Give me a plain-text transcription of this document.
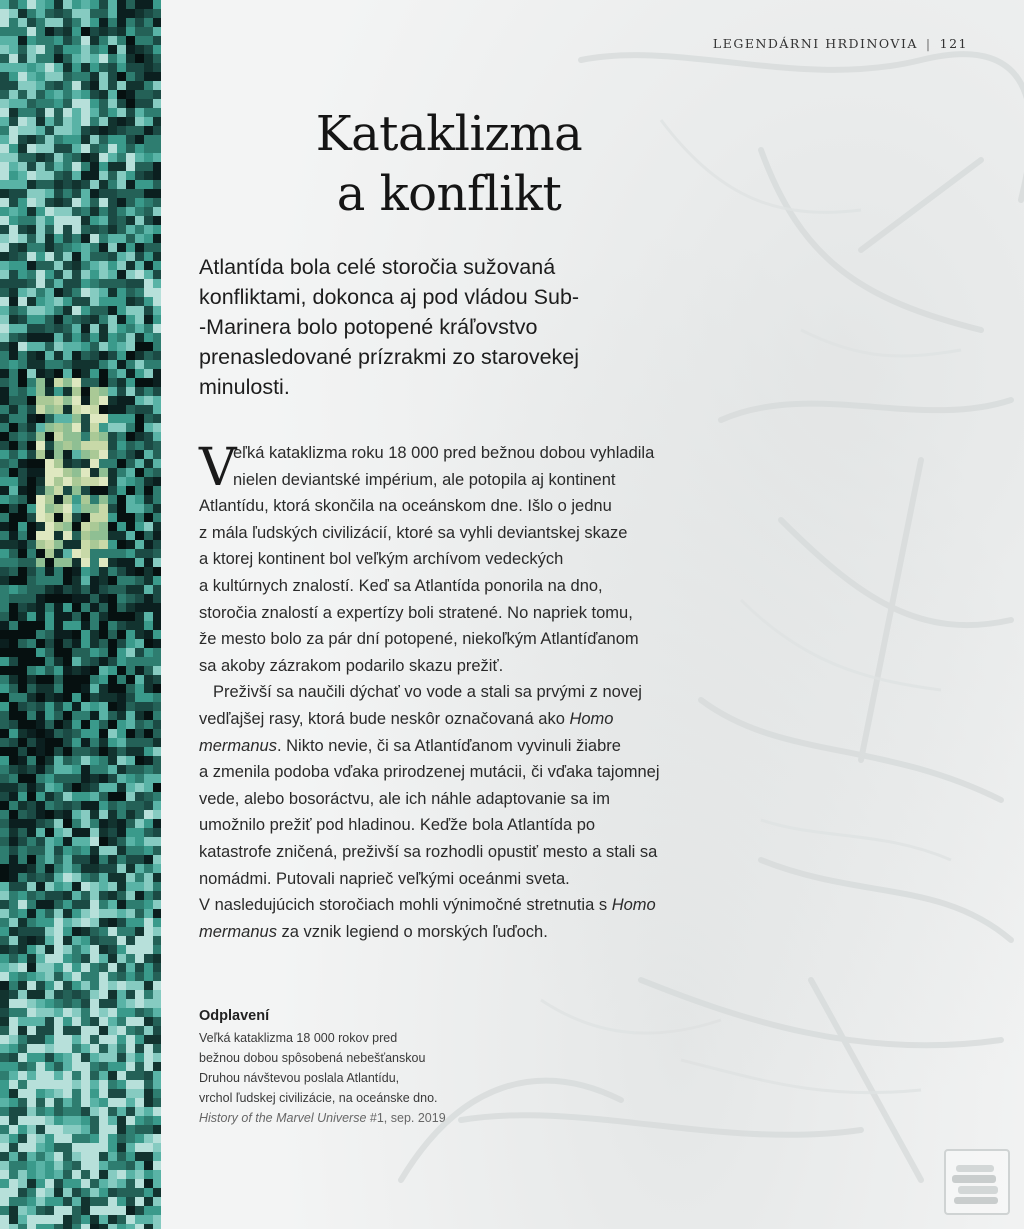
LEGENDÁRNI HRDINOVIA | 121
Kataklizma
a konflikt

Atlantída bola celé storočia sužovaná
konfliktami, dokonca aj pod vládou Sub-
-Marinera bolo potopené kráľovstvo
prenasledované prízrakmi zo starovekej
minulosti.

V
eľká kataklizma roku 18 000 pred bežnou dobou vyhladila
nielen deviantské impérium, ale potopila aj kontinent
Atlantídu, ktorá skončila na oceánskom dne. Išlo o jednu
z mála ľudských civilizácií, ktoré sa vyhli deviantskej skaze
a ktorej kontinent bol veľkým archívom vedeckých
a kultúrnych znalostí. Keď sa Atlantída ponorila na dno,
storočia znalostí a expertízy boli stratené. No napriek tomu,
že mesto bolo za pár dní potopené, niekoľkým Atlantíďanom
sa akoby zázrakom podarilo skazu prežiť.
Preživší sa naučili dýchať vo vode a stali sa prvými z novej
vedľajšej rasy, ktorá bude neskôr označovaná ako Homo
mermanus. Nikto nevie, či sa Atlantíďanom vyvinuli žiabre
a zmenila podoba vďaka prirodzenej mutácii, či vďaka tajomnej
vede, alebo bosoráctvu, ale ich náhle adaptovanie sa im
umožnilo prežiť pod hladinou. Keďže bola Atlantída po
katastrofe zničená, preživší sa rozhodli opustiť mesto a stali sa
nomádmi. Putovali naprieč veľkými oceánmi sveta.
V nasledujúcich storočiach mohli výnimočné stretnutia s Homo
mermanus za vznik legiend o morských ľuďoch.
Odplavení
Veľká kataklizma 18 000 rokov pred
bežnou dobou spôsobená nebešťanskou
Druhou návštevou poslala Atlantídu,
vrchol ľudskej civilizácie, na oceánske dno.
History of the Marvel Universe #1, sep. 2019
